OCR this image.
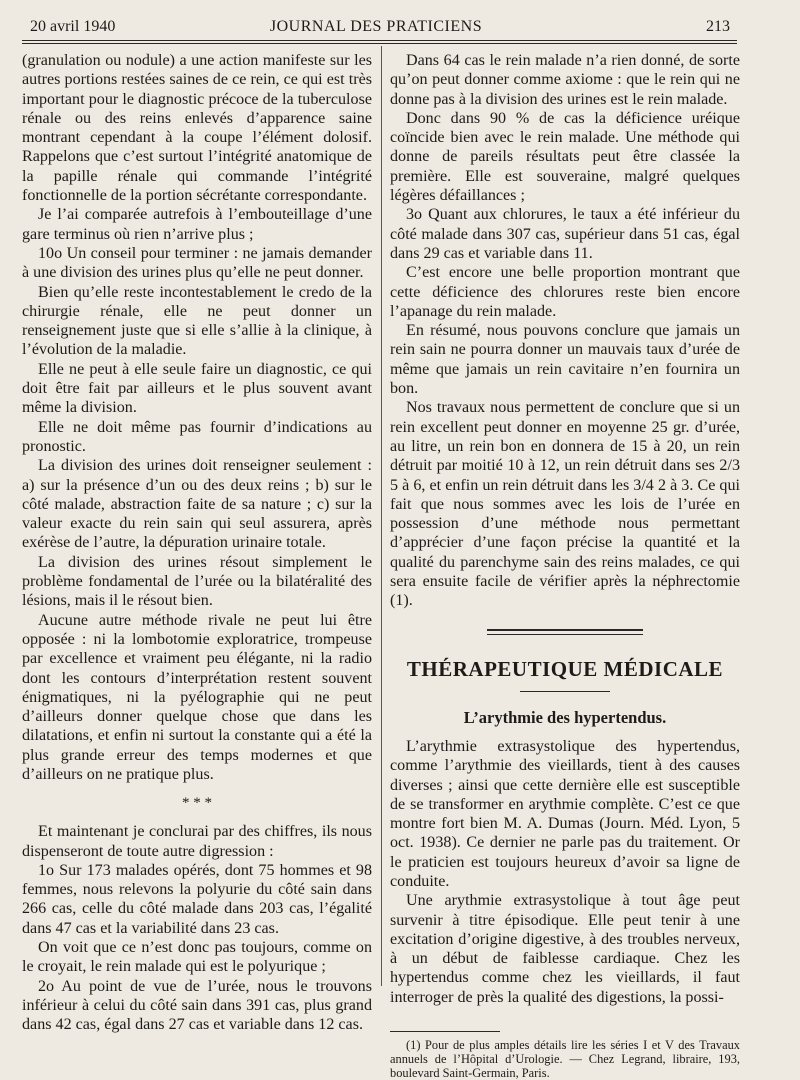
20 avril 1940	JOURNAL DES PRATICIENS	213

(granulation ou nodule) a une action manifeste sur les autres portions restées saines de ce rein, ce qui est très important pour le diagnostic précoce de la tuberculose rénale ou des reins enlevés d’apparence saine montrant cependant à la coupe l’élément dolosif. Rappelons que c’est surtout l’intégrité anatomique de la papille rénale qui commande l’intégrité fonctionnelle de la portion sécrétante correspondante.

Je l’ai comparée autrefois à l’embouteillage d’une gare terminus où rien n’arrive plus ;

10o Un conseil pour terminer : ne jamais demander à une division des urines plus qu’elle ne peut donner.

Bien qu’elle reste incontestablement le credo de la chirurgie rénale, elle ne peut donner un renseignement juste que si elle s’allie à la clinique, à l’évolution de la maladie.

Elle ne peut à elle seule faire un diagnostic, ce qui doit être fait par ailleurs et le plus souvent avant même la division.

Elle ne doit même pas fournir d’indications au pronostic.

La division des urines doit renseigner seulement : a) sur la présence d’un ou des deux reins ; b) sur le côté malade, abstraction faite de sa nature ; c) sur la valeur exacte du rein sain qui seul assurera, après exérèse de l’autre, la dépuration urinaire totale.

La division des urines résout simplement le problème fondamental de l’urée ou la bilatéralité des lésions, mais il le résout bien.

Aucune autre méthode rivale ne peut lui être opposée : ni la lombotomie exploratrice, trompeuse par excellence et vraiment peu élégante, ni la radio dont les contours d’interprétation restent souvent énigmatiques, ni la pyélographie qui ne peut d’ailleurs donner quelque chose que dans les dilatations, et enfin ni surtout la constante qui a été la plus grande erreur des temps modernes et que d’ailleurs on ne pratique plus.

* * *

Et maintenant je conclurai par des chiffres, ils nous dispenseront de toute autre digression :

1o Sur 173 malades opérés, dont 75 hommes et 98 femmes, nous relevons la polyurie du côté sain dans 266 cas, celle du côté malade dans 203 cas, l’égalité dans 47 cas et la variabilité dans 23 cas.

On voit que ce n’est donc pas toujours, comme on le croyait, le rein malade qui est le polyurique ;

2o Au point de vue de l’urée, nous le trouvons inférieur à celui du côté sain dans 391 cas, plus grand dans 42 cas, égal dans 27 cas et variable dans 12 cas.

Dans 64 cas le rein malade n’a rien donné, de sorte qu’on peut donner comme axiome : que le rein qui ne donne pas à la division des urines est le rein malade.

Donc dans 90 % de cas la déficience uréique coïncide bien avec le rein malade. Une méthode qui donne de pareils résultats peut être classée la première. Elle est souveraine, malgré quelques légères défaillances ;

3o Quant aux chlorures, le taux a été inférieur du côté malade dans 307 cas, supérieur dans 51 cas, égal dans 29 cas et variable dans 11.

C’est encore une belle proportion montrant que cette déficience des chlorures reste bien encore l’apanage du rein malade.

En résumé, nous pouvons conclure que jamais un rein sain ne pourra donner un mauvais taux d’urée de même que jamais un rein cavitaire n’en fournira un bon.

Nos travaux nous permettent de conclure que si un rein excellent peut donner en moyenne 25 gr. d’urée, au litre, un rein bon en donnera de 15 à 20, un rein détruit par moitié 10 à 12, un rein détruit dans ses 2/3 5 à 6, et enfin un rein détruit dans les 3/4 2 à 3. Ce qui fait que nous sommes avec les lois de l’urée en possession d’une méthode nous permettant d’apprécier d’une façon précise la quantité et la qualité du parenchyme sain des reins malades, ce qui sera ensuite facile de vérifier après la néphrectomie (1).

THÉRAPEUTIQUE MÉDICALE
L’arythmie des hypertendus.

L’arythmie extrasystolique des hypertendus, comme l’arythmie des vieillards, tient à des causes diverses ; ainsi que cette dernière elle est susceptible de se transformer en arythmie complète. C’est ce que montre fort bien M. A. Dumas (Journ. Méd. Lyon, 5 oct. 1938). Ce dernier ne parle pas du traitement. Or le praticien est toujours heureux d’avoir sa ligne de conduite.

Une arythmie extrasystolique à tout âge peut survenir à titre épisodique. Elle peut tenir à une excitation d’origine digestive, à des troubles nerveux, à un début de faiblesse cardiaque. Chez les hypertendus comme chez les vieillards, il faut interroger de près la qualité des digestions, la possi-

(1) Pour de plus amples détails lire les séries I et V des Travaux annuels de l’Hôpital d’Urologie. — Chez Legrand, libraire, 193, boulevard Saint-Germain, Paris.
